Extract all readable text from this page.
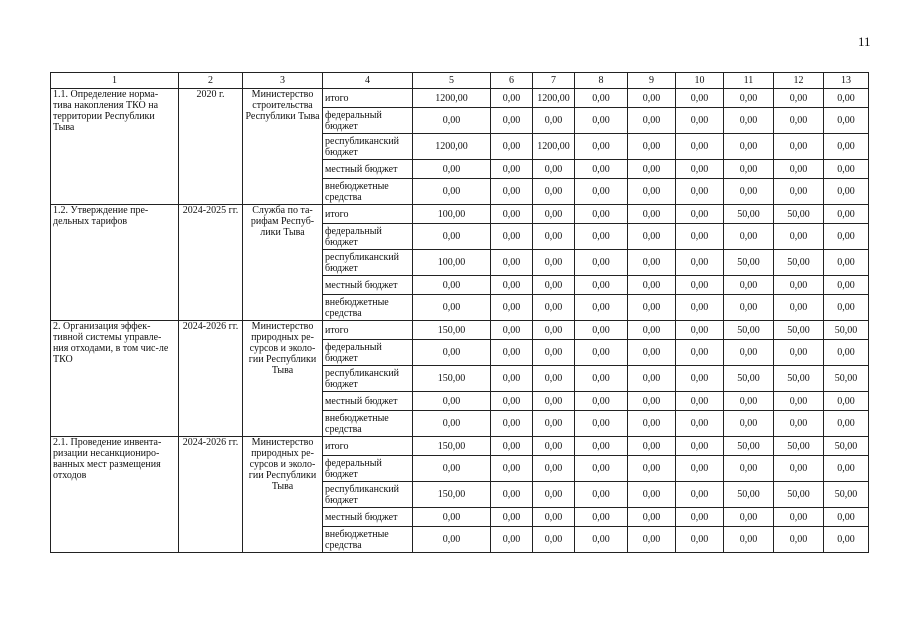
11
1	2	3	4	5	6	7	8	9	10	11	12	13
1.1. Определение норма-тива накопления ТКО на территории Республики Тыва	2020 г.	Министерство строительства Республики Тыва	итого	1200,00	0,00	1200,00	0,00	0,00	0,00	0,00	0,00	0,00
			федеральный бюджет	0,00	0,00	0,00	0,00	0,00	0,00	0,00	0,00	0,00
			республиканский бюджет	1200,00	0,00	1200,00	0,00	0,00	0,00	0,00	0,00	0,00
			местный бюджет	0,00	0,00	0,00	0,00	0,00	0,00	0,00	0,00	0,00
			внебюджетные средства	0,00	0,00	0,00	0,00	0,00	0,00	0,00	0,00	0,00
1.2. Утверждение пре-дельных тарифов	2024-2025 гг.	Служба по та-рифам Респуб-лики Тыва	итого	100,00	0,00	0,00	0,00	0,00	0,00	50,00	50,00	0,00
			федеральный бюджет	0,00	0,00	0,00	0,00	0,00	0,00	0,00	0,00	0,00
			республиканский бюджет	100,00	0,00	0,00	0,00	0,00	0,00	50,00	50,00	0,00
			местный бюджет	0,00	0,00	0,00	0,00	0,00	0,00	0,00	0,00	0,00
			внебюджетные средства	0,00	0,00	0,00	0,00	0,00	0,00	0,00	0,00	0,00
2. Организация эффек-тивной системы управле-ния отходами, в том чис-ле ТКО	2024-2026 гг.	Министерство природных ре-сурсов и эколо-гии Республики Тыва	итого	150,00	0,00	0,00	0,00	0,00	0,00	50,00	50,00	50,00
			федеральный бюджет	0,00	0,00	0,00	0,00	0,00	0,00	0,00	0,00	0,00
			республиканский бюджет	150,00	0,00	0,00	0,00	0,00	0,00	50,00	50,00	50,00
			местный бюджет	0,00	0,00	0,00	0,00	0,00	0,00	0,00	0,00	0,00
			внебюджетные средства	0,00	0,00	0,00	0,00	0,00	0,00	0,00	0,00	0,00
2.1. Проведение инвента-ризации несанкциониро-ванных мест размещения отходов	2024-2026 гг.	Министерство природных ре-сурсов и эколо-гии Республики Тыва	итого	150,00	0,00	0,00	0,00	0,00	0,00	50,00	50,00	50,00
			федеральный бюджет	0,00	0,00	0,00	0,00	0,00	0,00	0,00	0,00	0,00
			республиканский бюджет	150,00	0,00	0,00	0,00	0,00	0,00	50,00	50,00	50,00
			местный бюджет	0,00	0,00	0,00	0,00	0,00	0,00	0,00	0,00	0,00
			внебюджетные средства	0,00	0,00	0,00	0,00	0,00	0,00	0,00	0,00	0,00
